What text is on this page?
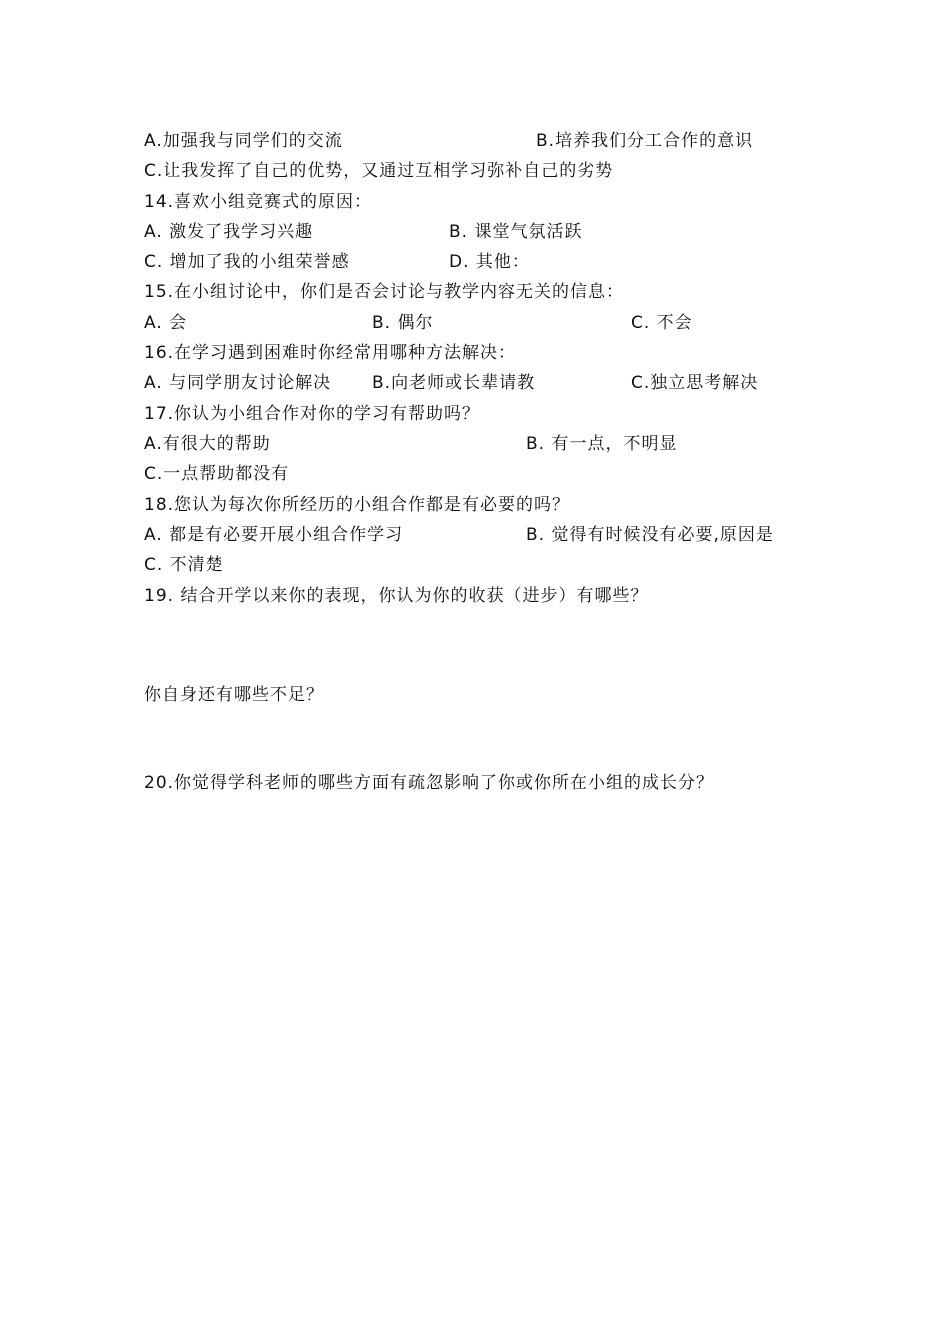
A.加强我与同学们的交流	B.培养我们分工合作的意识
C.让我发挥了自己的优势，又通过互相学习弥补自己的劣势
14.喜欢小组竞赛式的原因：
A. 激发了我学习兴趣	B. 课堂气氛活跃
C. 增加了我的小组荣誉感	D. 其他：
15.在小组讨论中，你们是否会讨论与教学内容无关的信息：
A. 会	B. 偶尔	C. 不会
16.在学习遇到困难时你经常用哪种方法解决：
A. 与同学朋友讨论解决 B.向老师或长辈请教	C.独立思考解决
17.你认为小组合作对你的学习有帮助吗？
A.有很大的帮助	B. 有一点，不明显
C.一点帮助都没有
18.您认为每次你所经历的小组合作都是有必要的吗？
A. 都是有必要开展小组合作学习	B. 觉得有时候没有必要,原因是
C. 不清楚
19. 结合开学以来你的表现，你认为你的收获（进步）有哪些？
你自身还有哪些不足？
20.你觉得学科老师的哪些方面有疏忽影响了你或你所在小组的成长分？
